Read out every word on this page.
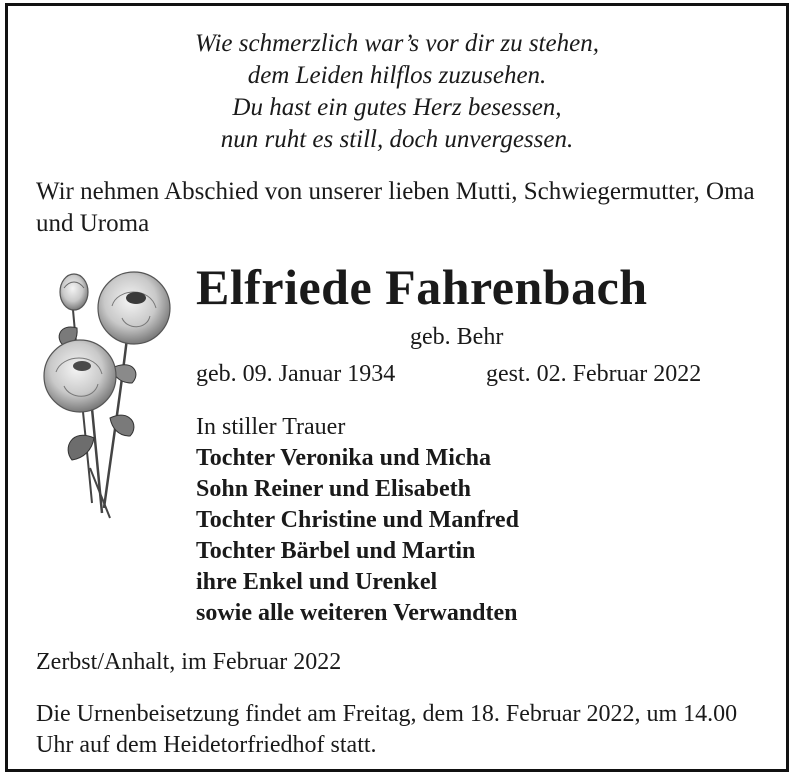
Wie schmerzlich war’s vor dir zu stehen,
dem Leiden hilflos zuzusehen.
Du hast ein gutes Herz besessen,
nun ruht es still, doch unvergessen.
Wir nehmen Abschied von unserer lieben Mutti, Schwiegermutter, Oma und Uroma
Elfriede Fahrenbach
geb. Behr
geb. 09. Januar 1934	gest. 02. Februar 2022
In stiller Trauer
Tochter Veronika und Micha
Sohn Reiner und Elisabeth
Tochter Christine und Manfred
Tochter Bärbel und Martin
ihre Enkel und Urenkel
sowie alle weiteren Verwandten
Zerbst/Anhalt, im Februar 2022
Die Urnenbeisetzung findet am Freitag, dem 18. Februar 2022, um 14.00 Uhr auf dem Heidetorfriedhof statt.
